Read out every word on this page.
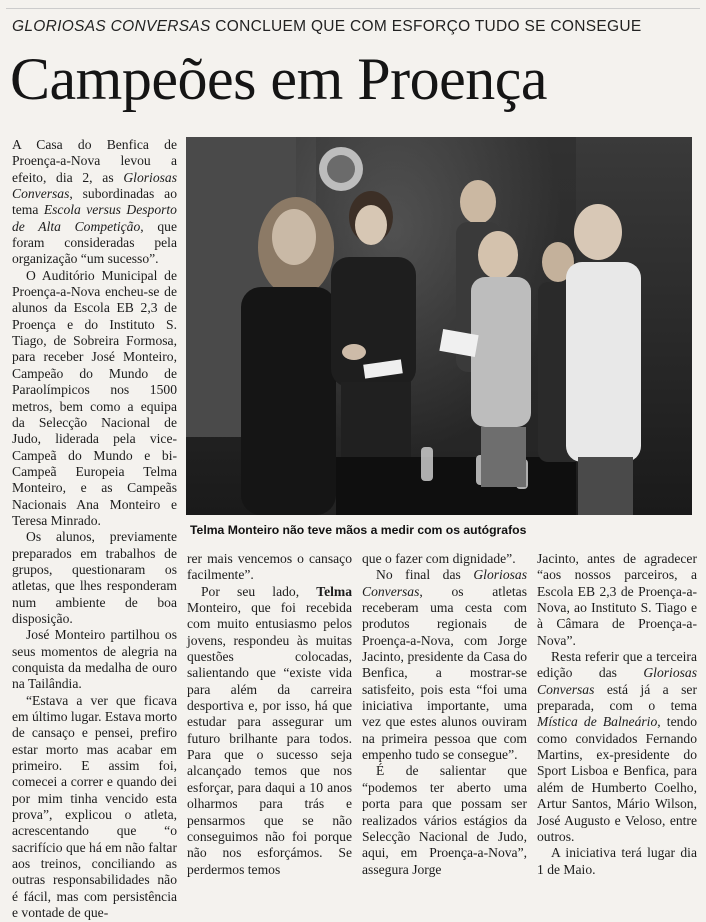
GLORIOSAS CONVERSAS CONCLUEM QUE COM ESFORÇO TUDO SE CONSEGUE
Campeões em Proença

A Casa do Benfica de Proença-a-Nova levou a efeito, dia 2, as Gloriosas Conversas, subordinadas ao tema Escola versus Desporto de Alta Competição, que foram consideradas pela organização “um sucesso”.

O Auditório Municipal de Proença-a-Nova encheu-se de alunos da Escola EB 2,3 de Proença e do Instituto S. Tiago, de Sobreira Formosa, para receber José Monteiro, Campeão do Mundo de Paraolímpicos nos 1500 metros, bem como a equipa da Selecção Nacional de Judo, liderada pela vice-Campeã do Mundo e bi-Campeã Europeia Telma Monteiro, e as Campeãs Nacionais Ana Monteiro e Teresa Minrado.

Os alunos, previamente preparados em trabalhos de grupos, questionaram os atletas, que lhes responderam num ambiente de boa disposição.

José Monteiro partilhou os seus momentos de alegria na conquista da medalha de ouro na Tailândia.

“Estava a ver que ficava em último lugar. Estava morto de cansaço e pensei, prefiro estar morto mas acabar em primeiro. E assim foi, comecei a correr e quando dei por mim tinha vencido esta prova”, explicou o atleta, acrescentando que “o sacrifício que há em não faltar aos treinos, conciliando as outras responsabilidades não é fácil, mas com persistência e vontade de que-

Telma Monteiro não teve mãos a medir com os autógrafos

rer mais vencemos o cansaço facilmente”.

Por seu lado, Telma Monteiro, que foi recebida com muito entusiasmo pelos jovens, respondeu às muitas questões colocadas, salientando que “existe vida para além da carreira desportiva e, por isso, há que estudar para assegurar um futuro brilhante para todos. Para que o sucesso seja alcançado temos que nos esforçar, para daqui a 10 anos olharmos para trás e pensarmos que se não conseguimos não foi porque não nos esforçámos. Se perdermos temos

que o fazer com dignidade”.

No final das Gloriosas Conversas, os atletas receberam uma cesta com produtos regionais de Proença-a-Nova, com Jorge Jacinto, presidente da Casa do Benfica, a mostrar-se satisfeito, pois esta “foi uma iniciativa importante, uma vez que estes alunos ouviram na primeira pessoa que com empenho tudo se consegue”.

É de salientar que “podemos ter aberto uma porta para que possam ser realizados vários estágios da Selecção Nacional de Judo, aqui, em Proença-a-Nova”, assegura Jorge

Jacinto, antes de agradecer “aos nossos parceiros, a Escola EB 2,3 de Proença-a-Nova, ao Instituto S. Tiago e à Câmara de Proença-a-Nova”.

Resta referir que a terceira edição das Gloriosas Conversas está já a ser preparada, com o tema Mística de Balneário, tendo como convidados Fernando Martins, ex-presidente do Sport Lisboa e Benfica, para além de Humberto Coelho, Artur Santos, Mário Wilson, José Augusto e Veloso, entre outros.

A iniciativa terá lugar dia 1 de Maio.
